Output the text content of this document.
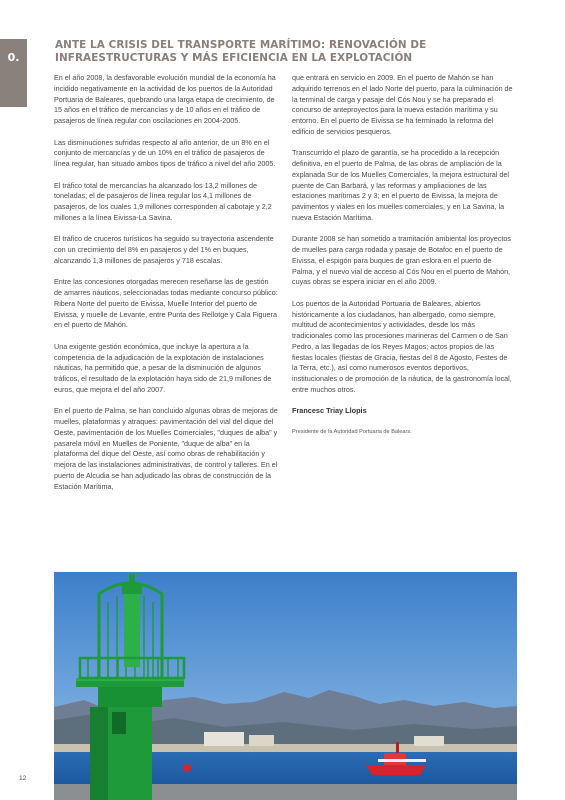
0.
ANTE LA CRISIS DEL TRANSPORTE MARÍTIMO: RENOVACIÓN DE INFRAESTRUCTURAS Y MÁS EFICIENCIA EN LA EXPLOTACIÓN

En el año 2008, la desfavorable evolución mundial de la economía ha incidido negativamente en la actividad de los puertos de la Autoridad Portuaria de Baleares, quebrando una larga etapa de crecimiento, de 15 años en el tráfico de mercancías y de 10 años en el tráfico de pasajeros de línea regular con oscilaciones en 2004-2005.

Las disminuciones sufridas respecto al año anterior, de un 8% en el conjunto de mercancías y de un 10% en el tráfico de pasajeros de línea regular, han situado ambos tipos de tráfico a nivel del año 2005.

El tráfico total de mercancías ha alcanzado los 13,2 millones de toneladas; el de pasajeros de línea regular los 4,1 millones de pasajeros, de los cuales 1,9 millones corresponden al cabotaje y 2,2 millones a la línea Eivissa-La Savina.

El tráfico de cruceros turísticos ha seguido su trayectoria ascendente con un crecimiento del 8% en pasajeros y del 1% en buques, alcanzando 1,3 millones de pasajeros y 718 escalas.

Entre las concesiones otorgadas merecen reseñarse las de gestión de amarres náuticos, seleccionadas todas mediante concurso público: Ribera Norte del puerto de Eivissa, Muelle Interior del puerto de Eivissa, y muelle de Levante, entre Punta des Rellotge y Cala Figuera en el puerto de Mahón.

Una exigente gestión económica, que incluye la apertura a la competencia de la adjudicación de la explotación de instalaciones náuticas, ha permitido que, a pesar de la disminución de algunos tráficos, el resultado de la explotación haya sido de 21,9 millones de euros, que mejora el del año 2007.

En el puerto de Palma, se han concluido algunas obras de mejoras de muelles, plataformas y atraques: pavimentación del vial del dique del Oeste, pavimentación de los Muelles Comerciales, "duques de alba" y pasarela móvil en Muelles de Poniente, "duque de alba" en la plataforma del dique del Oeste, así como obras de rehabilitación y mejora de las instalaciones administrativas, de control y talleres. En el puerto de Alcudia se han adjudicado las obras de construcción de la Estación Marítima,

que entrará en servicio en 2009. En el puerto de Mahón se han adquirido terrenos en el lado Norte del puerto, para la culminación de la terminal de carga y pasaje del Cós Nou y se ha preparado el concurso de anteproyectos para la nueva estación marítima y su entorno. En el puerto de Eivissa se ha terminado la reforma del edificio de servicios pesqueros.

Transcurrido el plazo de garantía, se ha procedido a la recepción definitiva, en el puerto de Palma, de las obras de ampliación de la explanada Sur de los Muelles Comerciales, la mejora estructural del puente de Can Barbará, y las reformas y ampliaciones de las estaciones marítimas 2 y 3; en el puerto de Eivissa, la mejora de pavimentos y viales en los muelles comerciales, y en La Savina, la nueva Estación Marítima.

Durante 2008 se han sometido a tramitación ambiental los proyectos de muelles para carga rodada y pasaje de Botafoc en el puerto de Eivissa, el espigón para buques de gran eslora en el puerto de Palma, y el nuevo vial de acceso al Cós Nou en el puerto de Mahón, cuyas obras se espera iniciar en el año 2009.

Los puertos de la Autoridad Portuaria de Baleares, abiertos históricamente a los ciudadanos, han albergado, como siempre, multitud de acontecimientos y actividades, desde los más tradicionales como las procesiones marineras del Carmen o de San Pedro, a las llegadas de los Reyes Magos; actos propios de las fiestas locales (fiestas de Gracia, fiestas del 8 de Agosto, Festes de la Terra, etc.), así como numerosos eventos deportivos, institucionales o de promoción de la náutica, de la gastronomía local, entre muchos otros.

Francesc Triay Llopis

Presidente de la Autoridad Portuaria de Balears.

12
